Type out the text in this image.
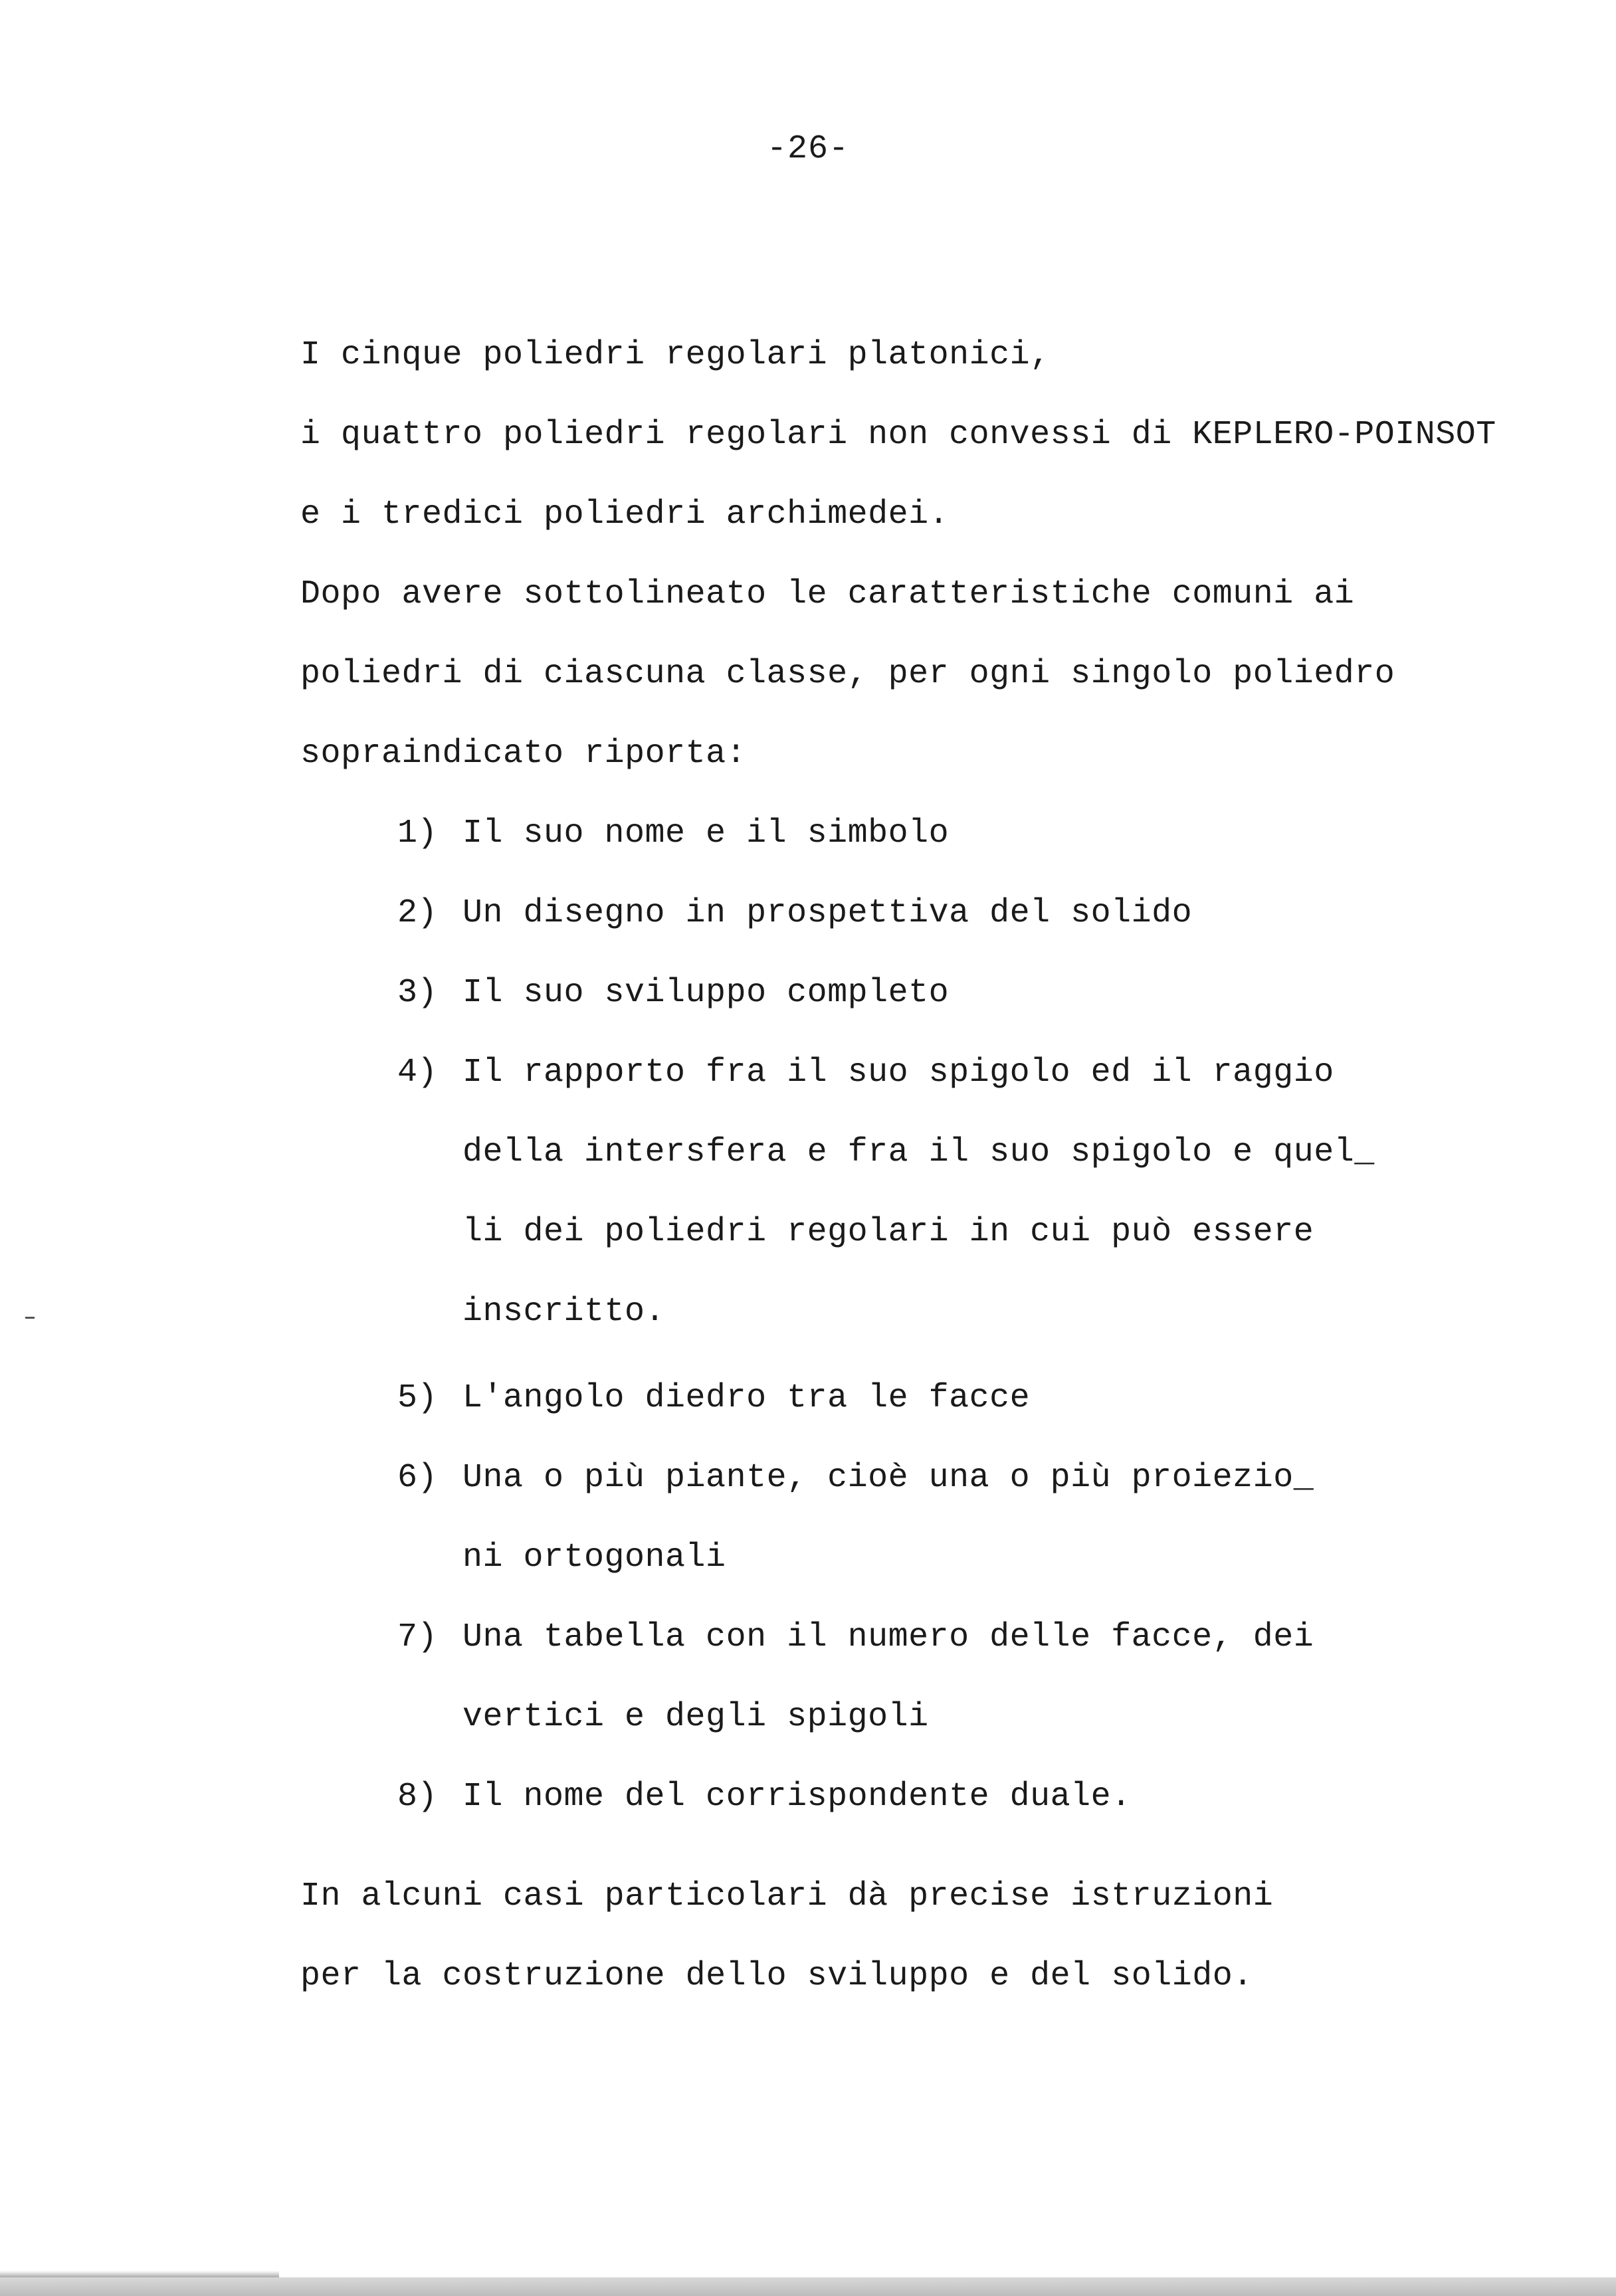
-26-
I cinque poliedri regolari platonici,
i quattro poliedri regolari non convessi di KEPLERO-POINSOT
e i tredici poliedri archimedei.
Dopo avere sottolineato le caratteristiche comuni ai
poliedri di ciascuna classe, per ogni singolo poliedro
sopraindicato riporta:
1) Il suo nome e il simbolo
2) Un disegno in prospettiva del solido
3) Il suo sviluppo completo
4) Il rapporto fra il suo spigolo ed il raggio
della intersfera e fra il suo spigolo e quel_
li dei poliedri regolari in cui può essere
inscritto.
5) L'angolo diedro tra le facce
6) Una o più piante, cioè una o più proiezio_
ni ortogonali
7) Una tabella con il numero delle facce, dei
vertici e degli spigoli
8) Il nome del corrispondente duale.
In alcuni casi particolari dà precise istruzioni
per la costruzione dello sviluppo e del solido.
